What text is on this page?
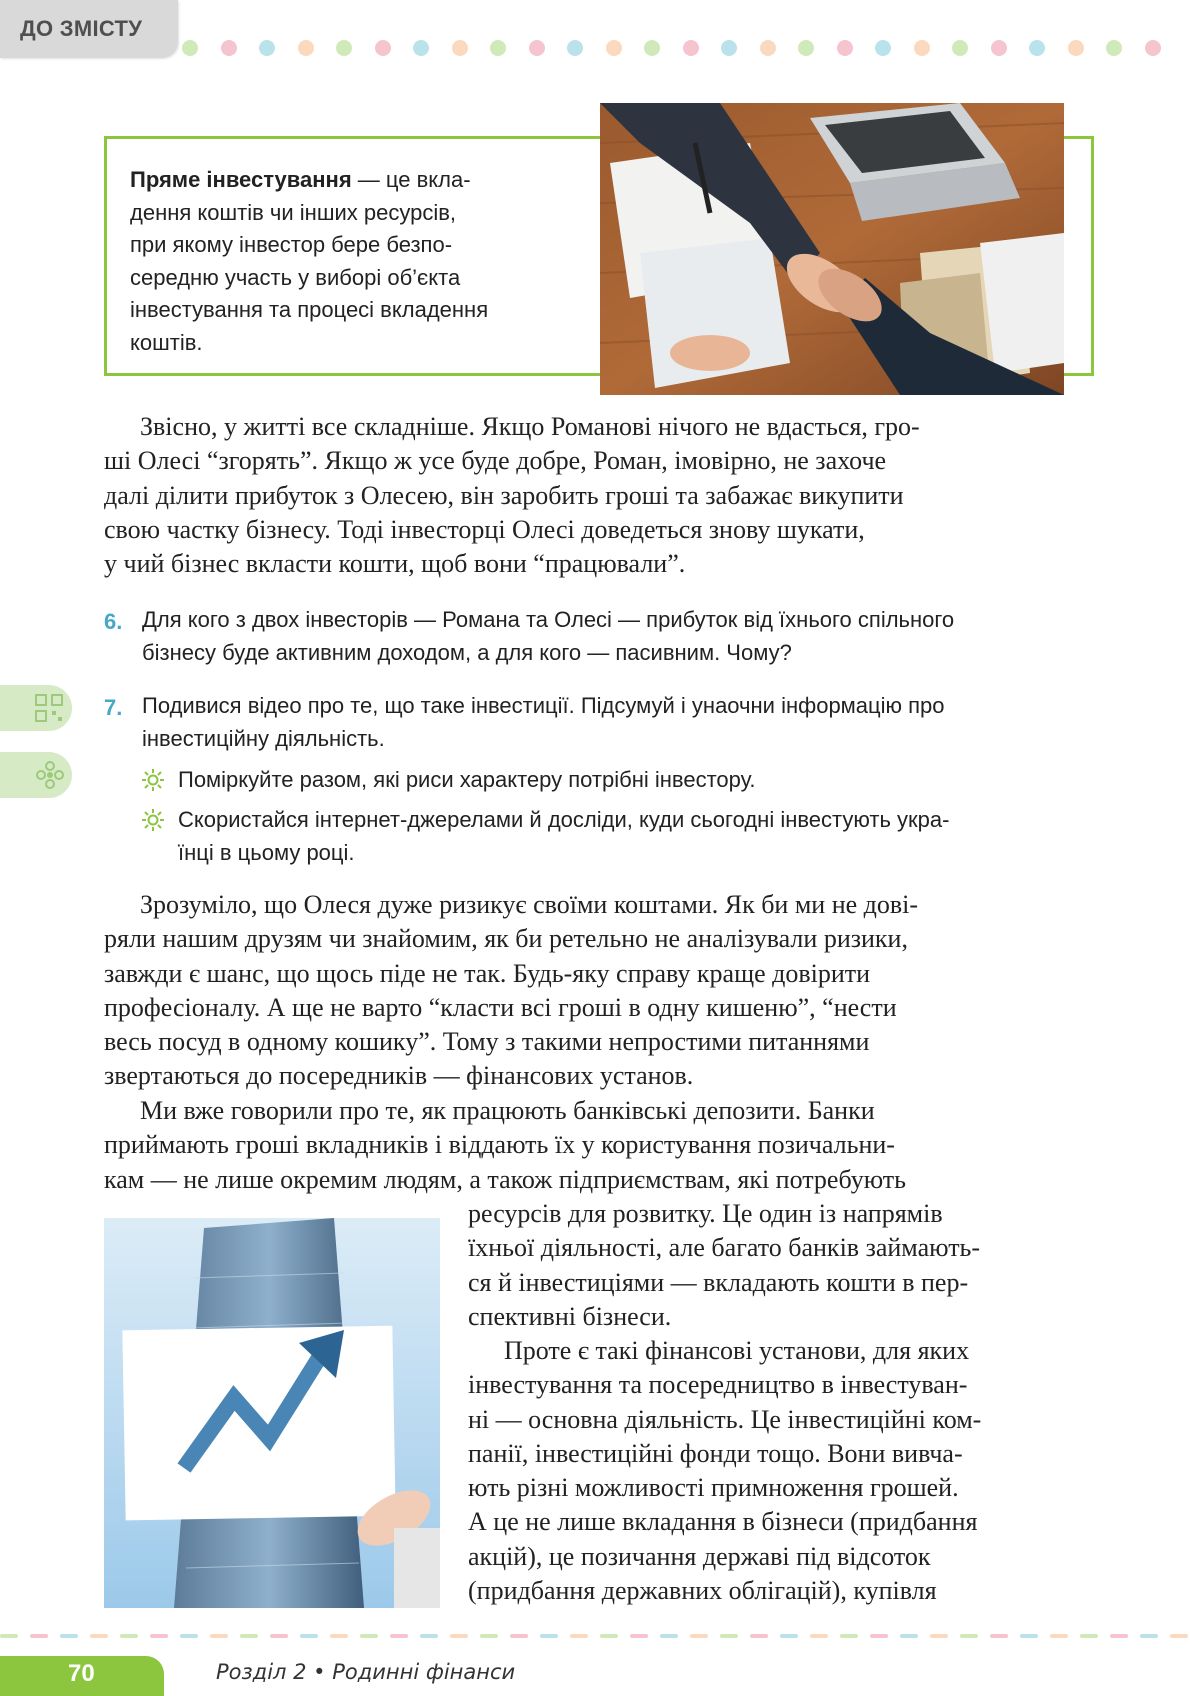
ДО ЗМІСТУ
Пряме інвестування — це вкла-
дення коштів чи інших ресурсів,
при якому інвестор бере безпо-
середню участь у виборі об’єкта
інвестування та процесі вкладення
коштів.
Звісно, у житті все складніше. Якщо Романові нічого не вдасться, гро-
ші Олесі “згорять”. Якщо ж усе буде добре, Роман, імовірно, не захоче
далі ділити прибуток з Олесею, він заробить гроші та забажає викупити
свою частку бізнесу. Тоді інвесторці Олесі доведеться знову шукати,
у чий бізнес вкласти кошти, щоб вони “працювали”.
6. Для кого з двох інвесторів — Романа та Олесі — прибуток від їхнього спільного
бізнесу буде активним доходом, а для кого — пасивним. Чому?
7. Подивися відео про те, що таке інвестиції. Підсумуй і унаочни інформацію про
інвестиційну діяльність.
Поміркуйте разом, які риси характеру потрібні інвестору.
Скористайся інтернет-джерелами й досліди, куди сьогодні інвестують укра-
їнці в цьому році.
Зрозуміло, що Олеся дуже ризикує своїми коштами. Як би ми не дові-
ряли нашим друзям чи знайомим, як би ретельно не аналізували ризики,
завжди є шанс, що щось піде не так. Будь-яку справу краще довірити
професіоналу. А ще не варто “класти всі гроші в одну кишеню”, “нести
весь посуд в одному кошику”. Тому з такими непростими питаннями
звертаються до посередників — фінансових установ.
Ми вже говорили про те, як працюють банківські депозити. Банки
приймають гроші вкладників і віддають їх у користування позичальни-
кам — не лише окремим людям, а також підприємствам, які потребують
ресурсів для розвитку. Це один із напрямів
їхньої діяльності, але багато банків займають-
ся й інвестиціями — вкладають кошти в пер-
спективні бізнеси.
Проте є такі фінансові установи, для яких
інвестування та посередництво в інвестуван-
ні — основна діяльність. Це інвестиційні ком-
панії, інвестиційні фонди тощо. Вони вивча-
ють різні можливості примноження грошей.
А це не лише вкладання в бізнеси (придбання
акцій), це позичання державі під відсоток
(придбання державних облігацій), купівля
70	Розділ 2 • Родинні фінанси
